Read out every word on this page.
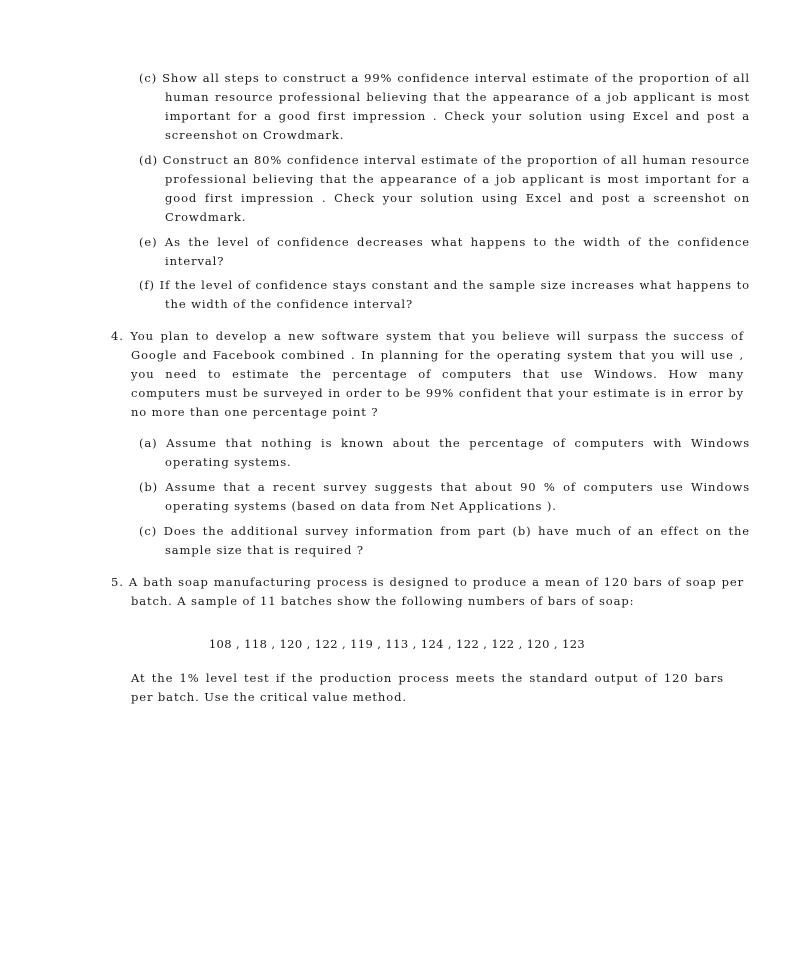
(c) Show all steps to construct a 99% confidence interval estimate of the proportion of all human resource professional believing that the appearance of a job applicant is most important for a good first impression . Check your solution using Excel and post a screenshot on Crowdmark.

(d) Construct an 80% confidence interval estimate of the proportion of all human resource professional believing that the appearance of a job applicant is most important for a good first impression . Check your solution using Excel and post a screenshot on Crowdmark.

(e) As the level of confidence decreases what happens to the width of the confidence interval?

(f) If the level of confidence stays constant and the sample size increases what happens to the width of the confidence interval?

4. You plan to develop a new software system that you believe will surpass the success of Google and Facebook combined . In planning for the operating system that you will use , you need to estimate the percentage of computers that use Windows. How many computers must be surveyed in order to be 99% confident that your estimate is in error by no more than one percentage point ?

(a) Assume that nothing is known about the percentage of computers with Windows operating systems.

(b) Assume that a recent survey suggests that about 90 % of computers use Windows operating systems (based on data from Net Applications ).

(c) Does the additional survey information from part (b) have much of an effect on the sample size that is required ?

5. A bath soap manufacturing process is designed to produce a mean of 120 bars of soap per batch. A sample of 11 batches show the following numbers of bars of soap:

108 , 118 , 120 , 122 , 119 , 113 , 124 , 122 , 122 , 120 , 123

At the 1% level test if the production process meets the standard output of 120 bars per batch. Use the critical value method.
